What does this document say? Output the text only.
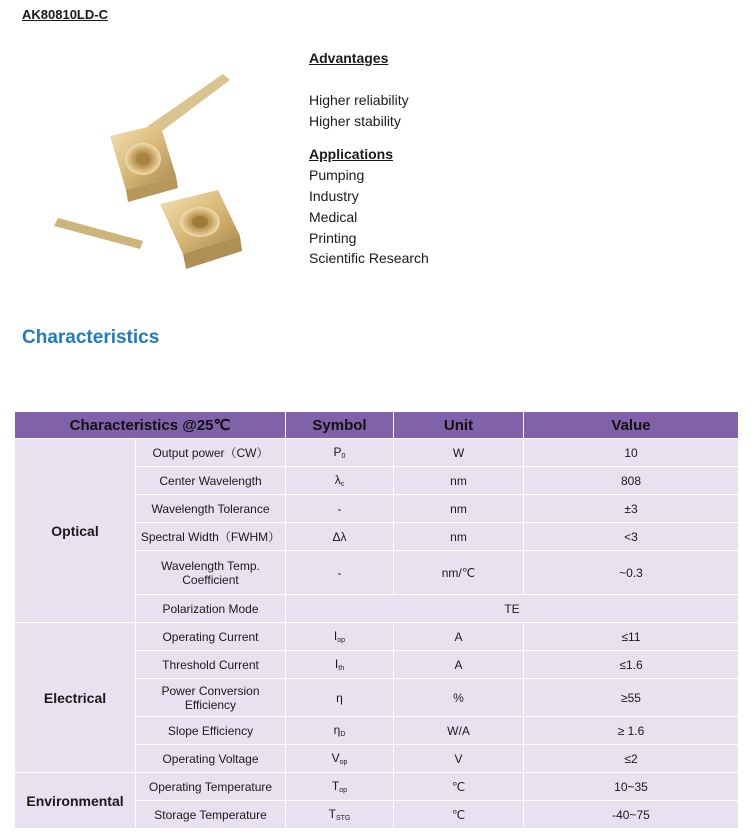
AK80810LD-C
Advantages
Higher reliability
Higher stability
Applications
Pumping
Industry
Medical
Printing
Scientific Research
Characteristics
Characteristics @25℃		Symbol	Unit	Value
Optical	Output power（CW）	$P_0$	W	10
	Center Wavelength	$\lambda_c$	nm	808
	Wavelength Tolerance	-	nm	±3
	Spectral Width（FWHM）	Δλ	nm	<3

	Wavelength Temp.
Coefficient	-	nm/℃	~0.3
	Polarization Mode	TE		
Electrical	Operating Current	$I_{op}$	A	≤11
	Threshold Current	$I_{th}$	A	≤1.6

	Power Conversion
Efficiency	η	%	≥55
	Slope Efficiency	$\eta_D$	W/A	≥ 1.6
	Operating Voltage	$V_{op}$	V	≤2
Environmental	Operating Temperature	$T_{op}$	℃	10~35
	Storage Temperature	$T_{STG}$	℃	-40~75
